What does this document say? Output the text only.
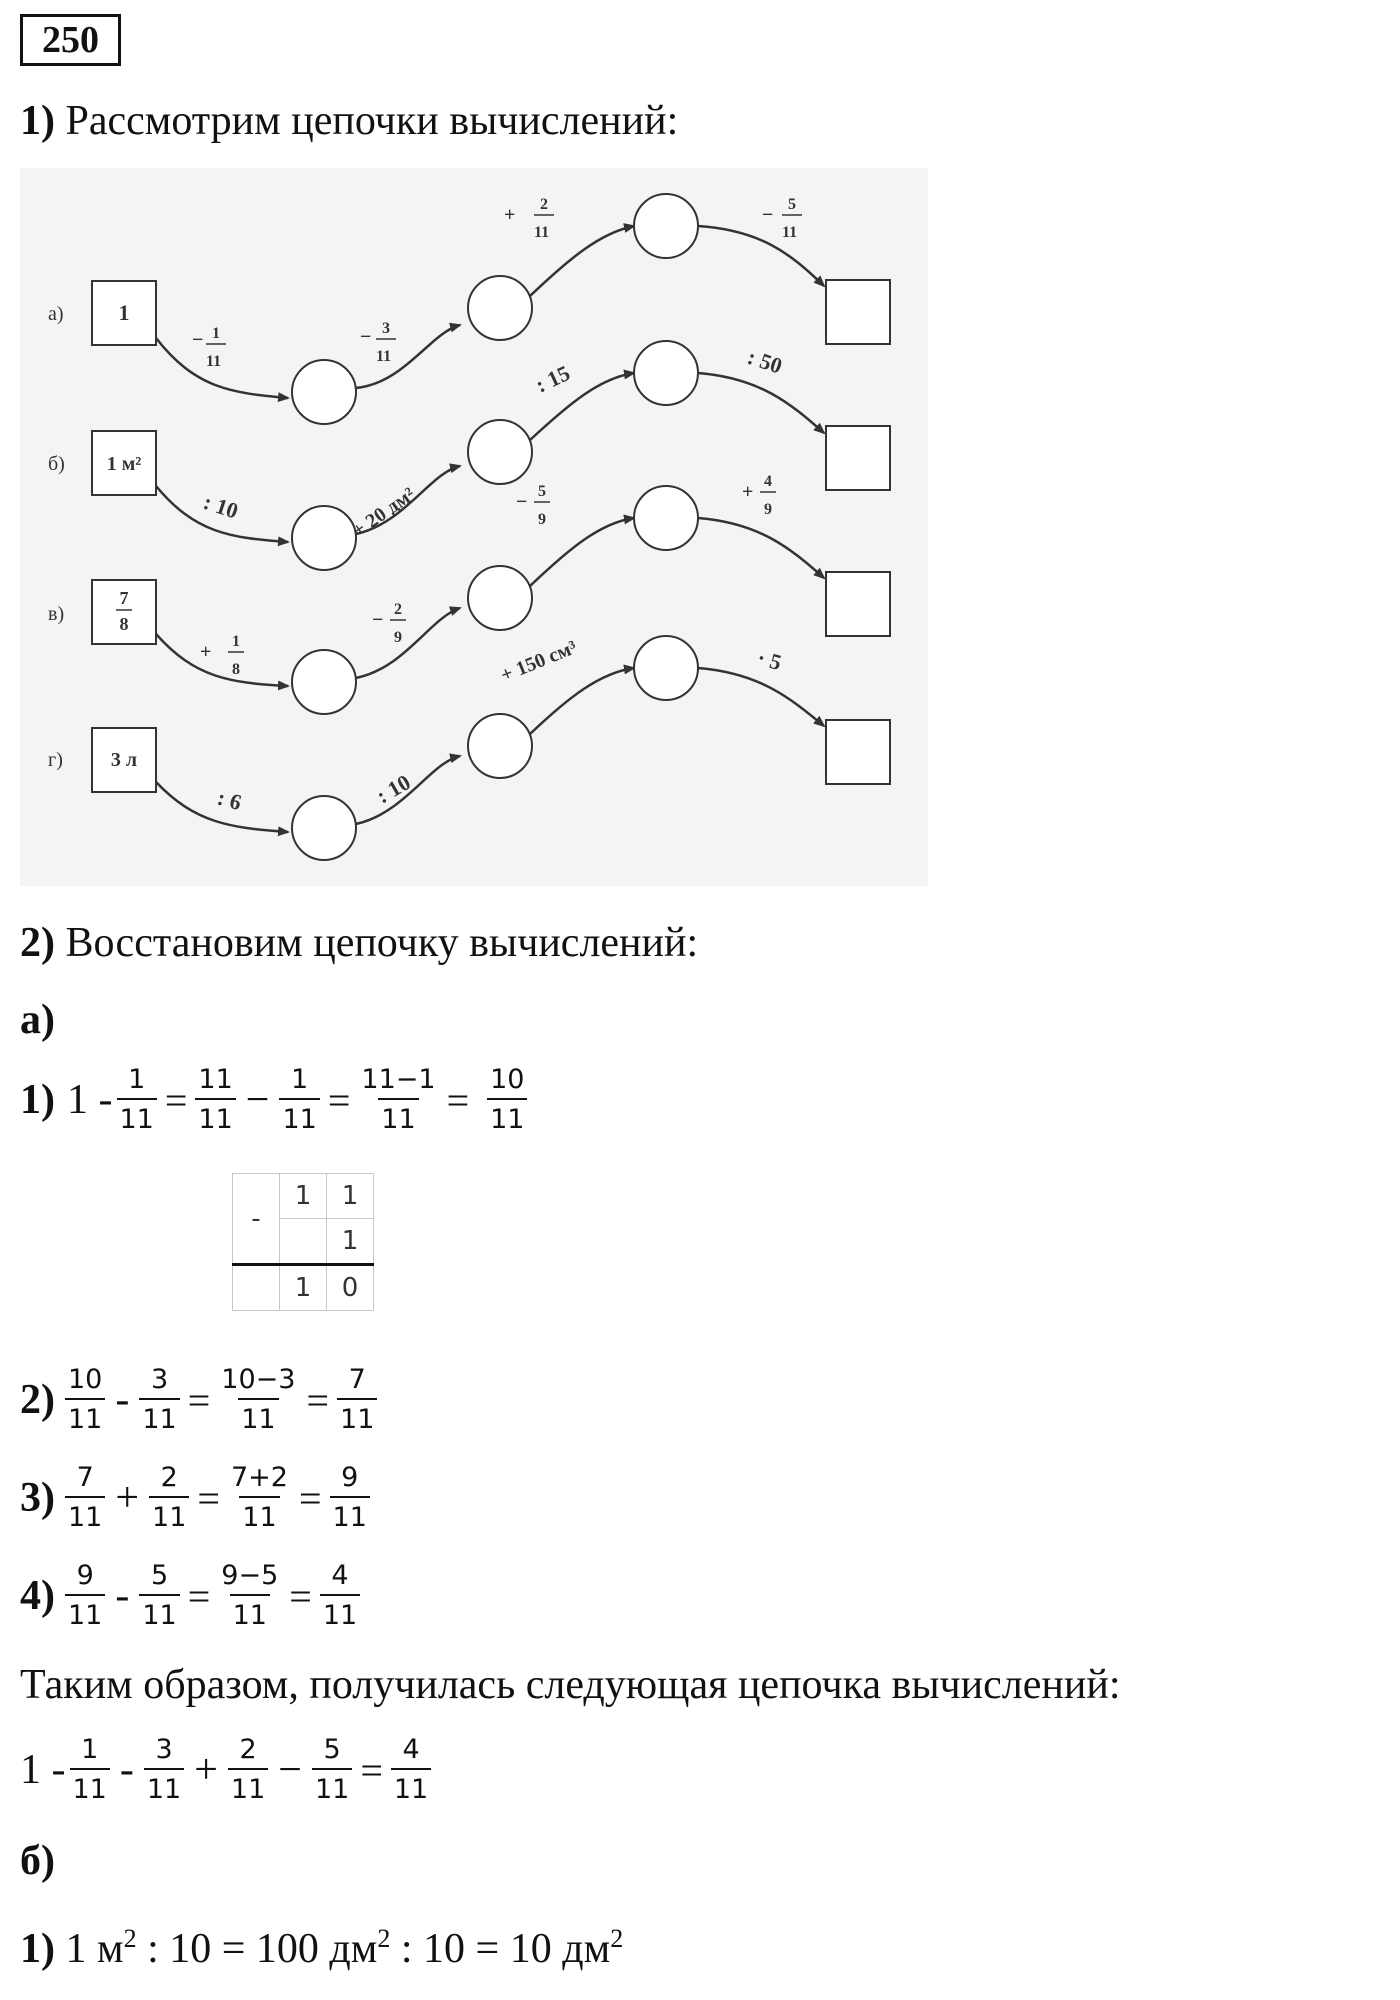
250
1) Рассмотрим цепочки вычислений:
а) 1
− 1 11
− 3 11
+ 2 11
− 5 11
б) 1 м²
: 10	+ 20 дм²
: 15	: 50
в)
7
8
+ 1 8
− 2 9
− 5 9
+ 4 9
г) 3 л
: 6	: 10
+ 150 см³	· 5
2) Восстановим цепочку вычислений:
а)
1) $1 - \frac{1}{11} = \frac{11}{11} - \frac{1}{11} = \frac{11-1}{11} = \frac{10}{11}$
-	1	1
		1
	1	0
$2) \frac{10}{11} - \frac{3}{11} = \frac{10-3}{11} = \frac{7}{11}$
$3) \frac{7}{11} + \frac{2}{11} = \frac{7+2}{11} = \frac{9}{11}$
$4) \frac{9}{11} - \frac{5}{11} = \frac{9-5}{11} = \frac{4}{11}$
Таким образом, получилась следующая цепочка вычислений:
$1 - \frac{1}{11} - \frac{3}{11} + \frac{2}{11} - \frac{5}{11} = \frac{4}{11}$
б)
1) 1 $м^2$ : 10 = 100 $дм^2$ : 10 = 10 $дм^2$
